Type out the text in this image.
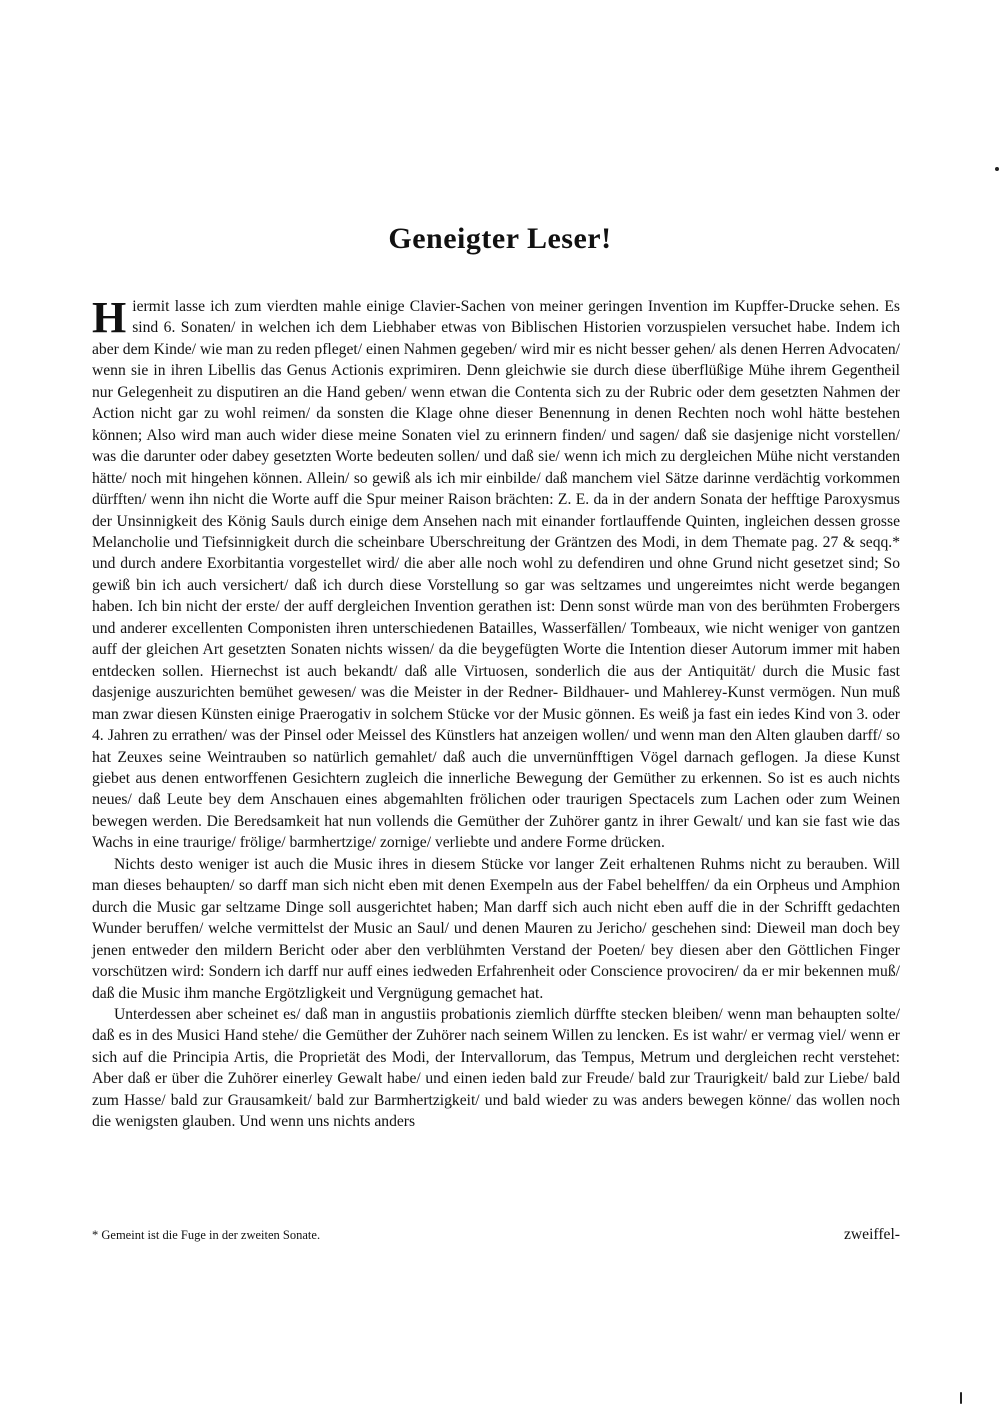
Geneigter Leser!

Hiermit lasse ich zum vierdten mahle einige Clavier-Sachen von meiner geringen Invention im Kupffer-Drucke sehen. Es sind 6. Sonaten/ in welchen ich dem Liebhaber etwas von Biblischen Historien vorzuspielen versuchet habe. Indem ich aber dem Kinde/ wie man zu reden pfleget/ einen Nahmen gegeben/ wird mir es nicht besser gehen/ als denen Herren Advocaten/ wenn sie in ihren Libellis das Genus Actionis exprimiren. Denn gleichwie sie durch diese überflüßige Mühe ihrem Gegentheil nur Gelegenheit zu disputiren an die Hand geben/ wenn etwan die Contenta sich zu der Rubric oder dem gesetzten Nahmen der Action nicht gar zu wohl reimen/ da sonsten die Klage ohne dieser Benennung in denen Rechten noch wohl hätte bestehen können; Also wird man auch wider diese meine Sonaten viel zu erinnern finden/ und sagen/ daß sie dasjenige nicht vorstellen/ was die darunter oder dabey gesetzten Worte bedeuten sollen/ und daß sie/ wenn ich mich zu dergleichen Mühe nicht verstanden hätte/ noch mit hingehen können. Allein/ so gewiß als ich mir einbilde/ daß manchem viel Sätze darinne verdächtig vorkommen dürfften/ wenn ihn nicht die Worte auff die Spur meiner Raison brächten: Z. E. da in der andern Sonata der hefftige Paroxysmus der Unsinnigkeit des König Sauls durch einige dem Ansehen nach mit einander fortlauffende Quinten, ingleichen dessen grosse Melancholie und Tiefsinnigkeit durch die scheinbare Uberschreitung der Gräntzen des Modi, in dem Themate pag. 27 & seqq.* und durch andere Exorbitantia vorgestellet wird/ die aber alle noch wohl zu defendiren und ohne Grund nicht gesetzet sind; So gewiß bin ich auch versichert/ daß ich durch diese Vorstellung so gar was seltzames und ungereimtes nicht werde begangen haben. Ich bin nicht der erste/ der auff dergleichen Invention gerathen ist: Denn sonst würde man von des berühmten Frobergers und anderer excellenten Componisten ihren unterschiedenen Batailles, Wasserfällen/ Tombeaux, wie nicht weniger von gantzen auff der gleichen Art gesetzten Sonaten nichts wissen/ da die beygefügten Worte die Intention dieser Autorum immer mit haben entdecken sollen. Hiernechst ist auch bekandt/ daß alle Virtuosen, sonderlich die aus der Antiquität/ durch die Music fast dasjenige auszurichten bemühet gewesen/ was die Meister in der Redner- Bildhauer- und Mahlerey-Kunst vermögen. Nun muß man zwar diesen Künsten einige Praerogativ in solchem Stücke vor der Music gönnen. Es weiß ja fast ein iedes Kind von 3. oder 4. Jahren zu errathen/ was der Pinsel oder Meissel des Künstlers hat anzeigen wollen/ und wenn man den Alten glauben darff/ so hat Zeuxes seine Weintrauben so natürlich gemahlet/ daß auch die unvernünfftigen Vögel darnach geflogen. Ja diese Kunst giebet aus denen entworffenen Gesichtern zugleich die innerliche Bewegung der Gemüther zu erkennen. So ist es auch nichts neues/ daß Leute bey dem Anschauen eines abgemahlten frölichen oder traurigen Spectacels zum Lachen oder zum Weinen bewegen werden. Die Beredsamkeit hat nun vollends die Gemüther der Zuhörer gantz in ihrer Gewalt/ und kan sie fast wie das Wachs in eine traurige/ frölige/ barmhertzige/ zornige/ verliebte und andere Forme drücken.

Nichts desto weniger ist auch die Music ihres in diesem Stücke vor langer Zeit erhaltenen Ruhms nicht zu berauben. Will man dieses behaupten/ so darff man sich nicht eben mit denen Exempeln aus der Fabel behelffen/ da ein Orpheus und Amphion durch die Music gar seltzame Dinge soll ausgerichtet haben; Man darff sich auch nicht eben auff die in der Schrifft gedachten Wunder beruffen/ welche vermittelst der Music an Saul/ und denen Mauren zu Jericho/ geschehen sind: Dieweil man doch bey jenen entweder den mildern Bericht oder aber den verblühmten Verstand der Poeten/ bey diesen aber den Göttlichen Finger vorschützen wird: Sondern ich darff nur auff eines iedweden Erfahrenheit oder Conscience provociren/ da er mir bekennen muß/ daß die Music ihm manche Ergötzligkeit und Vergnügung gemachet hat.

Unterdessen aber scheinet es/ daß man in angustiis probationis ziemlich dürffte stecken bleiben/ wenn man behaupten solte/ daß es in des Musici Hand stehe/ die Gemüther der Zuhörer nach seinem Willen zu lencken. Es ist wahr/ er vermag viel/ wenn er sich auf die Principia Artis, die Proprietät des Modi, der Intervallorum, das Tempus, Metrum und dergleichen recht verstehet: Aber daß er über die Zuhörer einerley Gewalt habe/ und einen ieden bald zur Freude/ bald zur Traurigkeit/ bald zur Liebe/ bald zum Hasse/ bald zur Grausamkeit/ bald zur Barmhertzigkeit/ und bald wieder zu was anders bewegen könne/ das wollen noch die wenigsten glauben. Und wenn uns nichts anders

* Gemeint ist die Fuge in der zweiten Sonate.	zweiffel-
